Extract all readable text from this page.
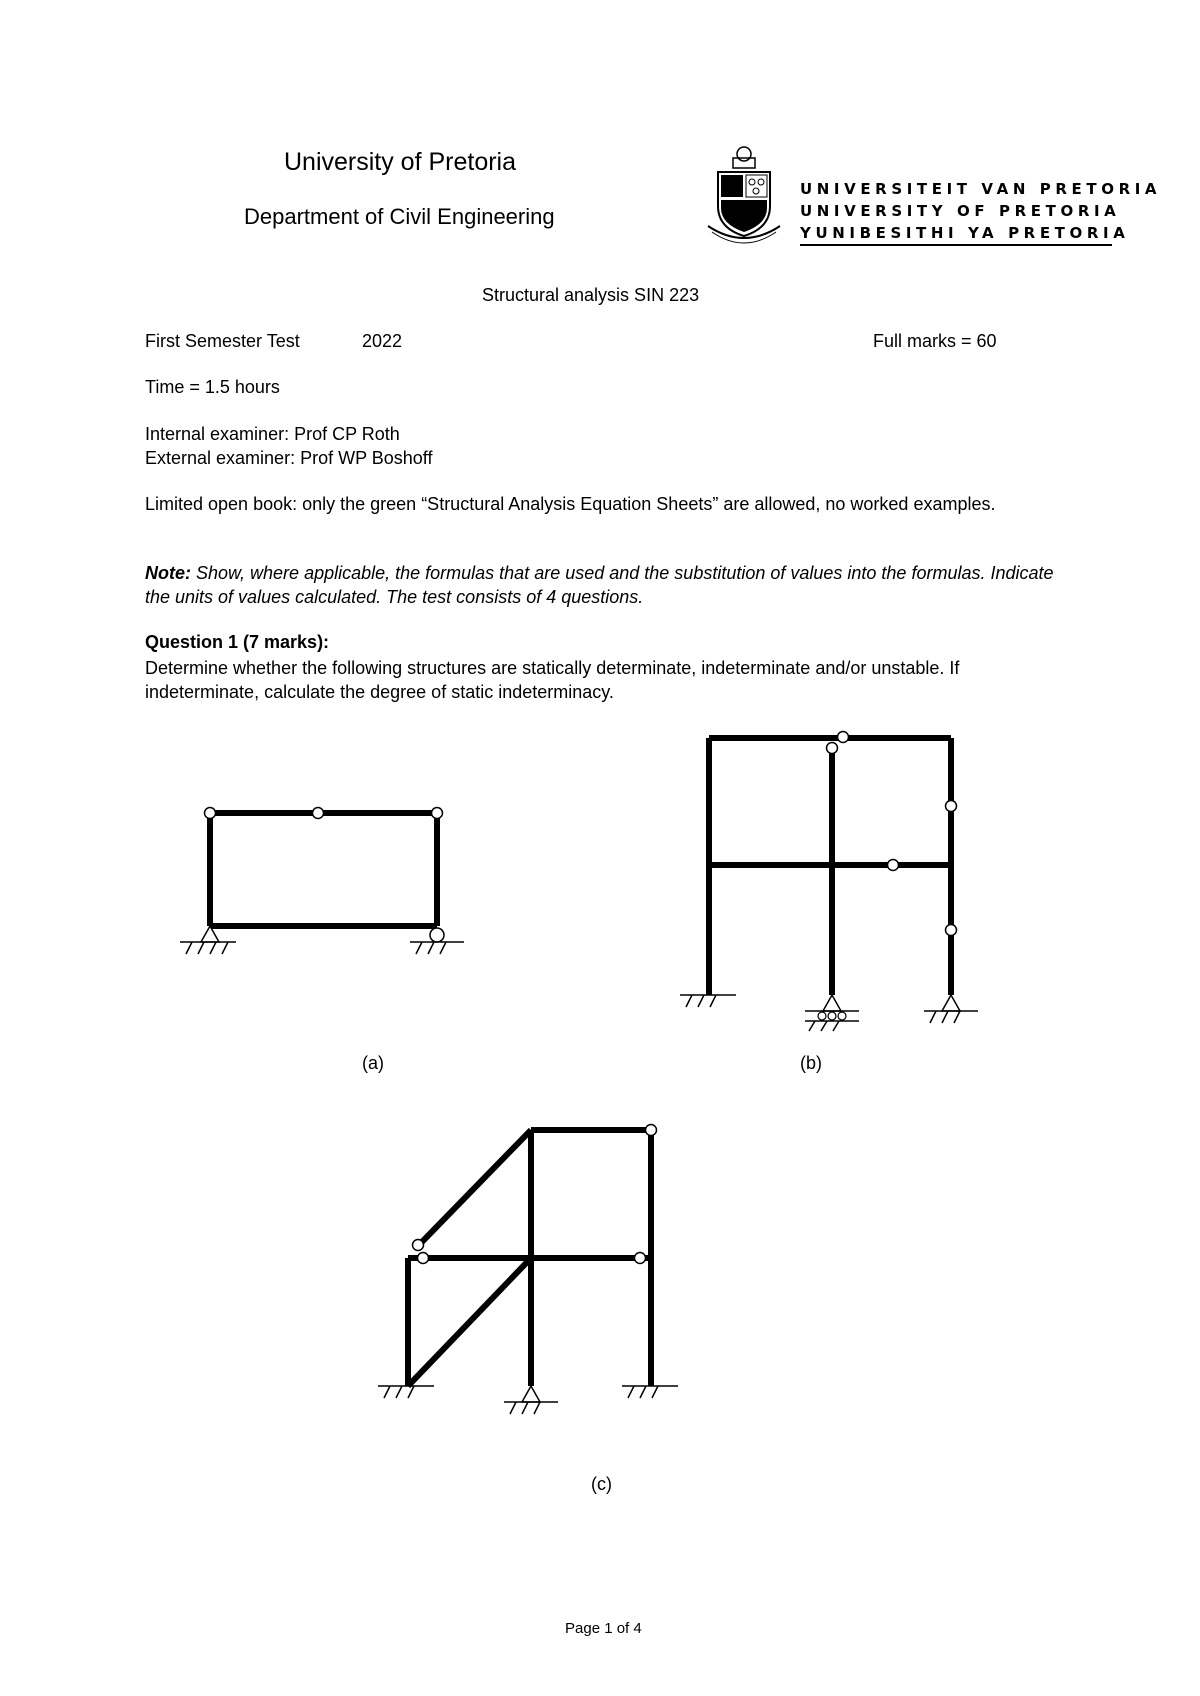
University of Pretoria
Department of Civil Engineering
UNIVERSITEIT VAN PRETORIA
UNIVERSITY OF PRETORIA
YUNIBESITHI YA PRETORIA
Structural analysis SIN 223
First Semester Test	2022	Full marks = 60
Time = 1.5 hours
Internal examiner: Prof CP Roth
External examiner: Prof WP Boshoff
Limited open book: only the green “Structural Analysis Equation Sheets” are allowed, no worked examples.
Note: Show, where applicable, the formulas that are used and the substitution of values into the formulas. Indicate the units of values calculated. The test consists of 4 questions.
Question 1 (7 marks):
Determine whether the following structures are statically determinate, indeterminate and/or unstable. If indeterminate, calculate the degree of static indeterminacy.
(a)	(b)
(c)
Page 1 of 4
